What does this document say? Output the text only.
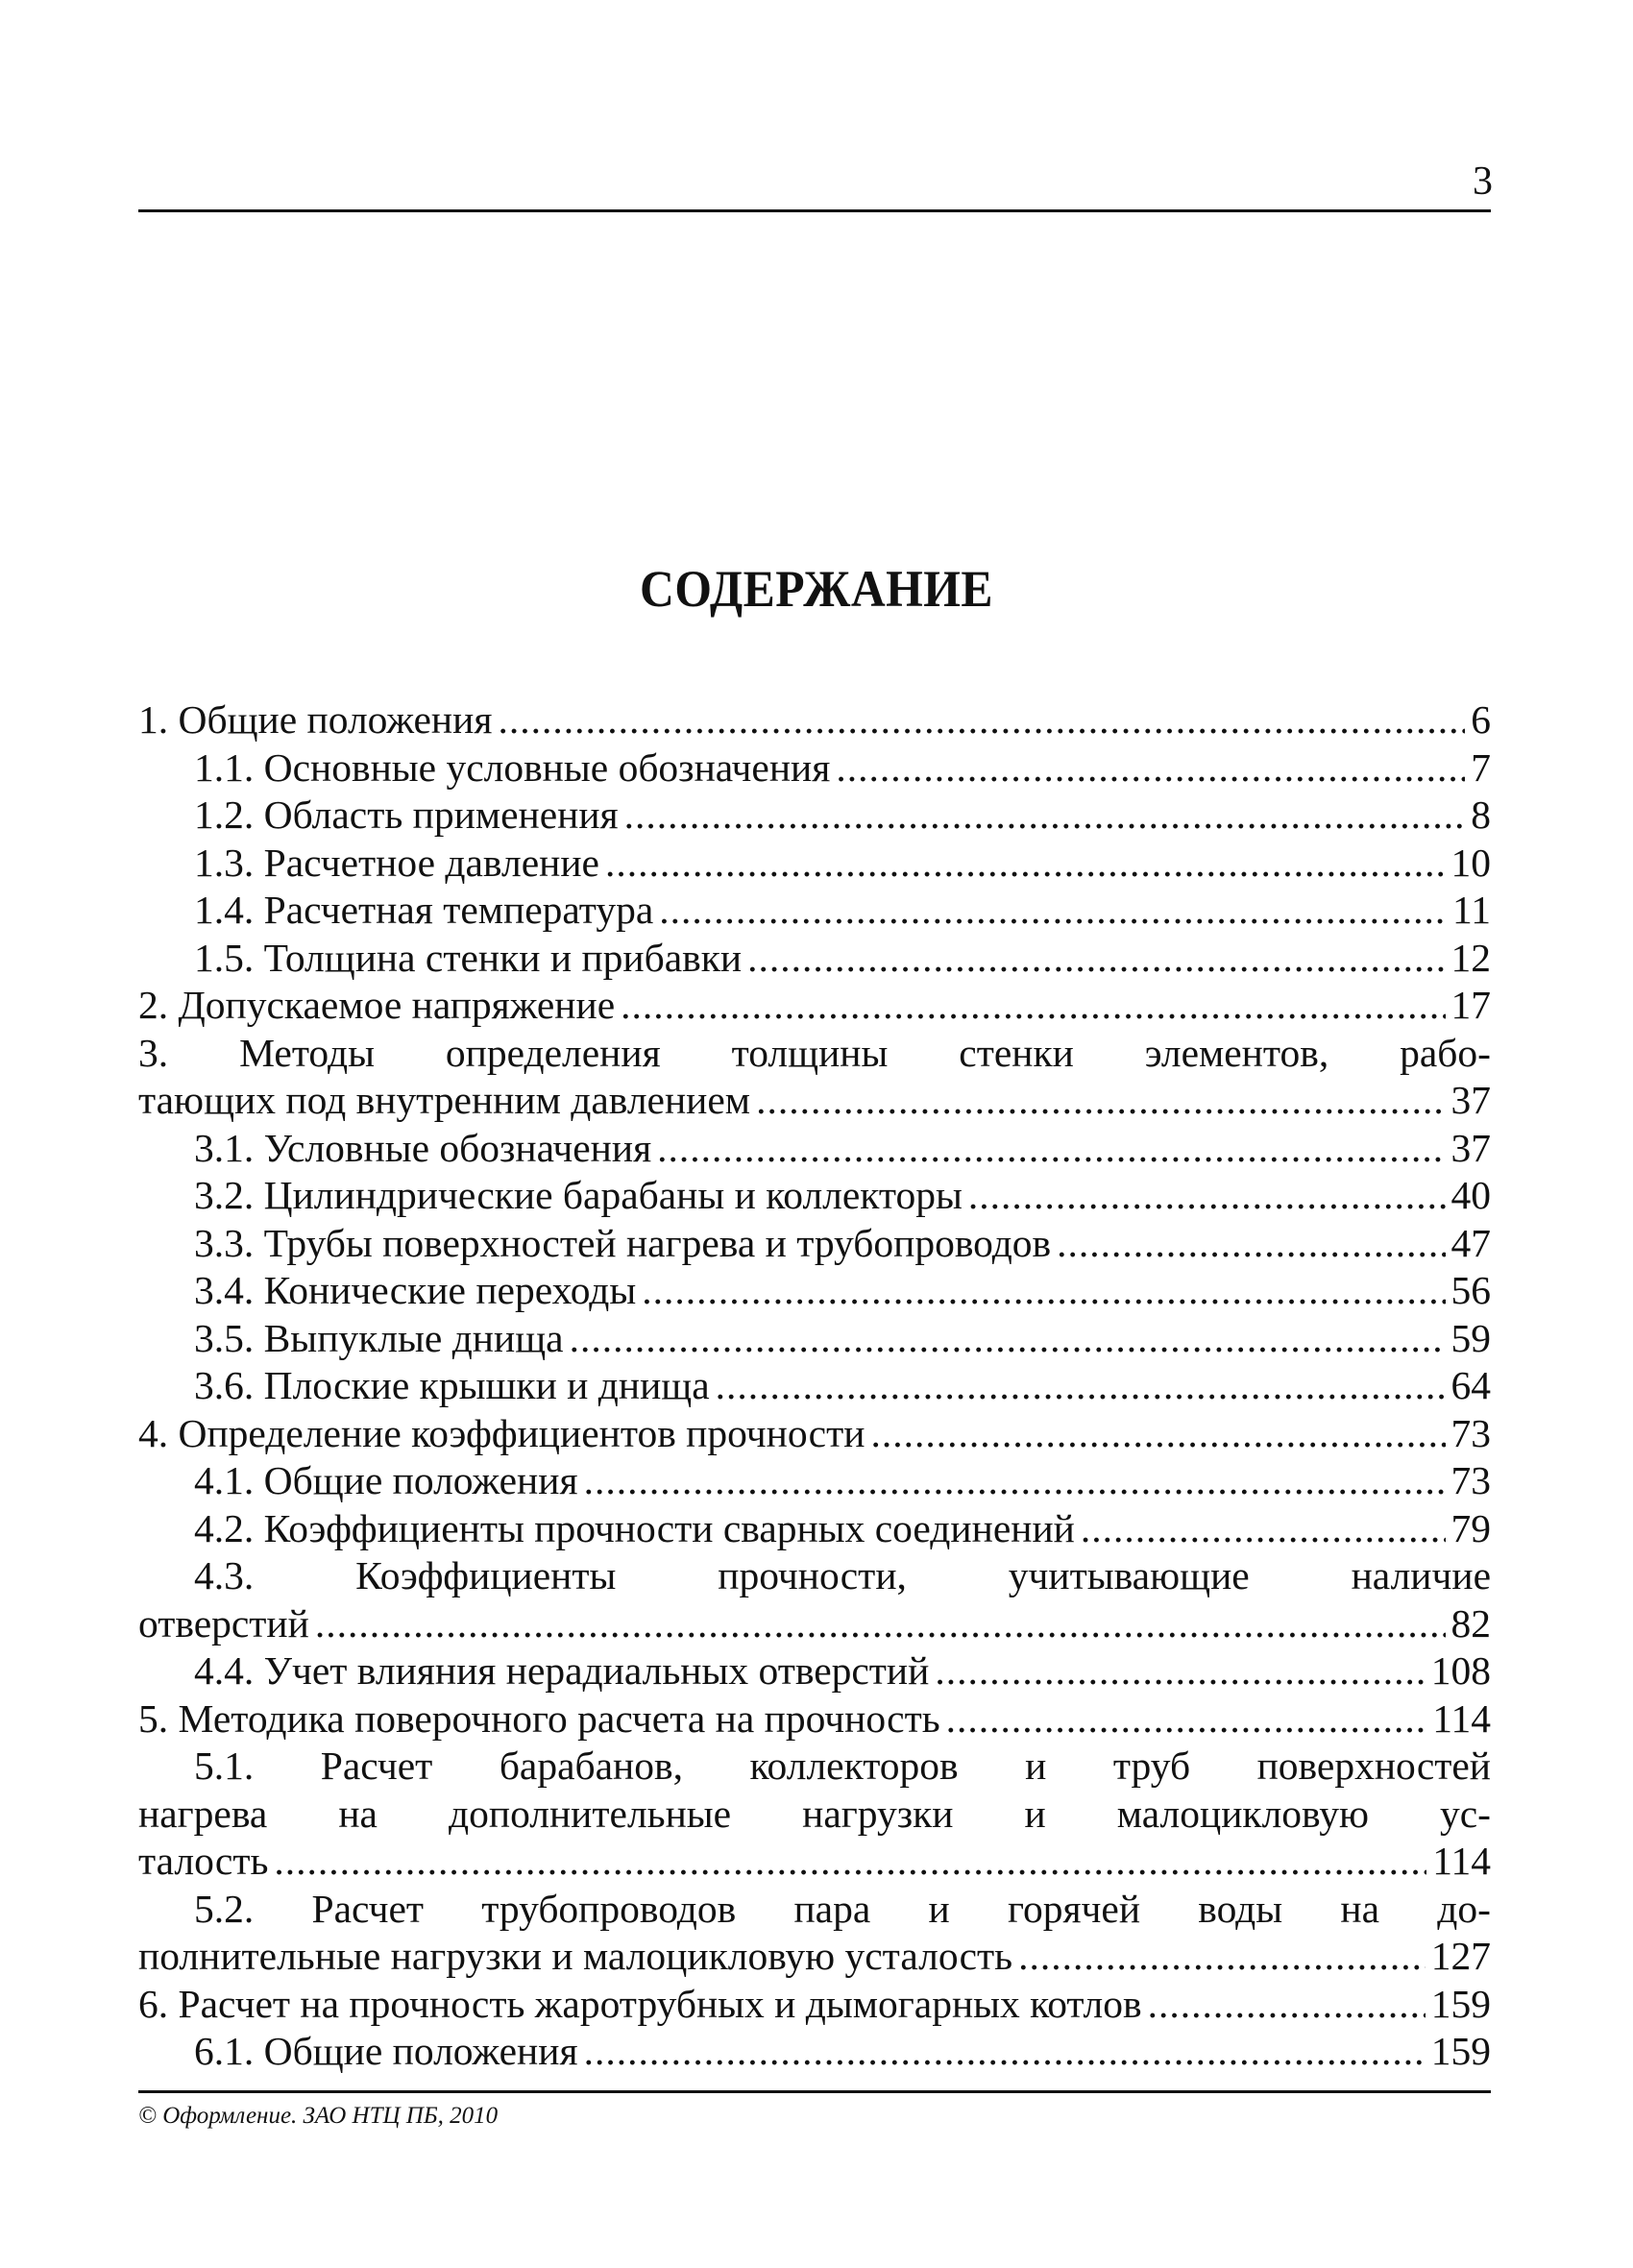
3
СОДЕРЖАНИЕ
1. Общие положения .....	6
1.1. Основные условные обозначения .....	7
1.2. Область применения .....	8
1.3. Расчетное давление .....	10
1.4. Расчетная температура .....	11
1.5. Толщина стенки и прибавки .....	12
2. Допускаемое напряжение .....	17
3. Методы определения толщины стенки элементов, рабо-
тающих под внутренним давлением .....	37
3.1. Условные обозначения .....	37
3.2. Цилиндрические барабаны и коллекторы .....	40
3.3. Трубы поверхностей нагрева и трубопроводов .....	47
3.4. Конические переходы .....	56
3.5. Выпуклые днища .....	59
3.6. Плоские крышки и днища .....	64
4. Определение коэффициентов прочности .....	73
4.1. Общие положения .....	73
4.2. Коэффициенты прочности сварных соединений .....	79
4.3. Коэффициенты прочности, учитывающие наличие
отверстий .....	82
4.4. Учет влияния нерадиальных отверстий .....	108
5. Методика поверочного расчета на прочность .....	114
5.1. Расчет барабанов, коллекторов и труб поверхностей
нагрева на дополнительные нагрузки и малоцикловую ус-
талость .....	114
5.2. Расчет трубопроводов пара и горячей воды на до-
полнительные нагрузки и малоцикловую усталость .....	127
6. Расчет на прочность жаротрубных и дымогарных котлов .....	159
6.1. Общие положения .....	159
© Оформление. ЗАО НТЦ ПБ, 2010
